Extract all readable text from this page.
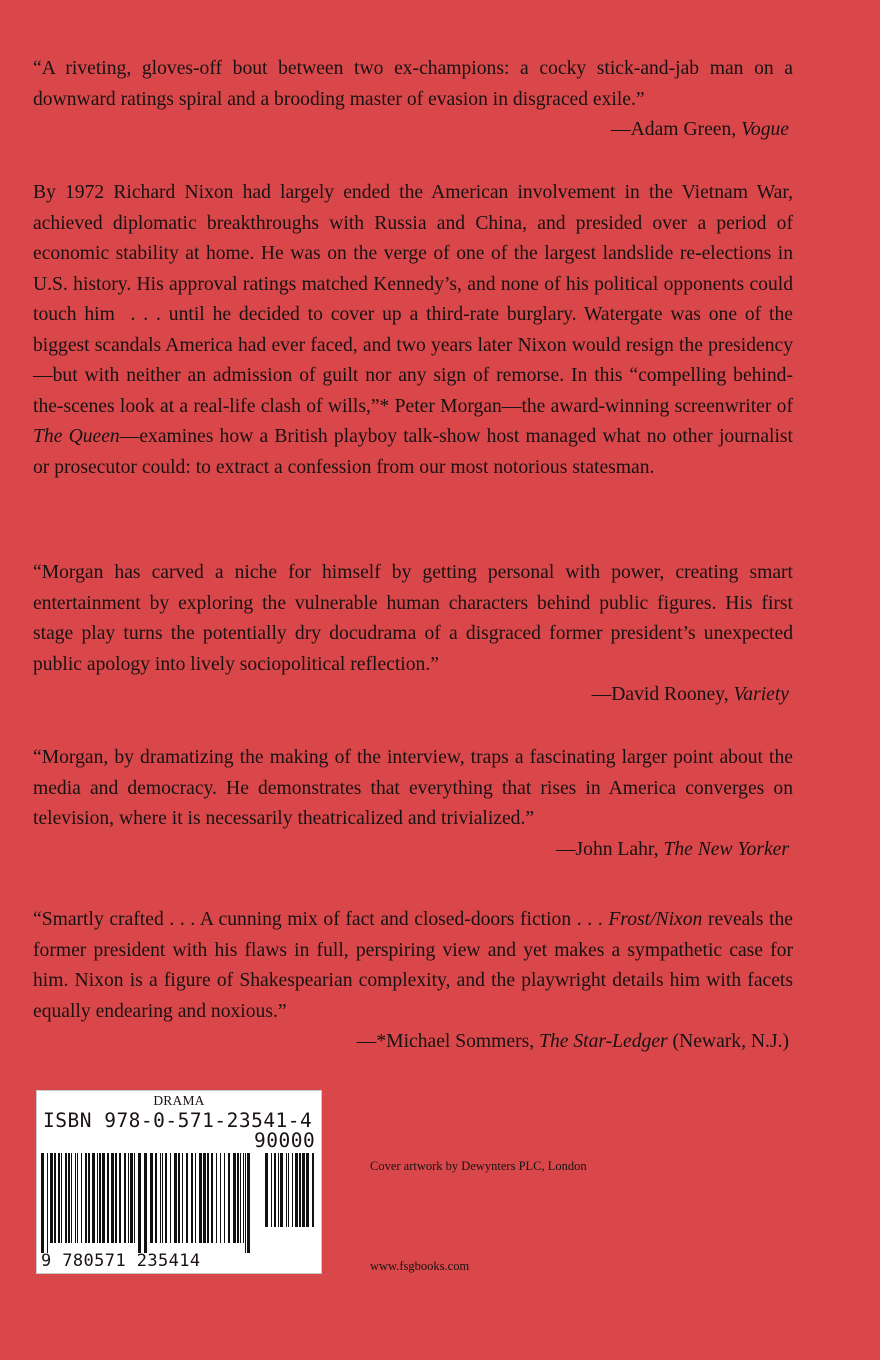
“A riveting, gloves-off bout between two ex-champions: a cocky stick-and-jab man on a downward ratings spiral and a brooding master of evasion in disgraced exile.”

—Adam Green, Vogue

By 1972 Richard Nixon had largely ended the American involvement in the Vietnam War, achieved diplomatic breakthroughs with Russia and China, and presided over a period of economic stability at home. He was on the verge of one of the largest landslide re-elections in U.S. history. His approval ratings matched Kennedy’s, and none of his political opponents could touch him  . . . until he decided to cover up a third-rate burglary. Watergate was one of the biggest scandals America had ever faced, and two years later Nixon would resign the presidency—but with neither an admission of guilt nor any sign of remorse. In this “compelling behind-the-scenes look at a real-life clash of wills,”* Peter Morgan—the award-winning screenwriter of The Queen—examines how a British playboy talk-show host managed what no other journalist or prosecutor could: to extract a confession from our most notorious statesman.

“Morgan has carved a niche for himself by getting personal with power, creating smart entertainment by exploring the vulnerable human characters behind public figures. His first stage play turns the potentially dry docudrama of a disgraced former president’s unexpected public apology into lively sociopolitical reflection.”

—David Rooney, Variety

“Morgan, by dramatizing the making of the interview, traps a fascinating larger point about the media and democracy. He demonstrates that everything that rises in America converges on television, where it is necessarily theatricalized and trivialized.”

—John Lahr, The New Yorker

“Smartly crafted . . . A cunning mix of fact and closed-doors fiction . . . Frost/Nixon reveals the former president with his flaws in full, perspiring view and yet makes a sympathetic case for him. Nixon is a figure of Shakespearian complexity, and the playwright details him with facets equally endearing and noxious.”

—*Michael Sommers, The Star-Ledger (Newark, N.J.)

DRAMA
ISBN 978-0-571-23541-4
90000
9 780571 235414
Cover artwork by Dewynters PLC, London
www.fsgbooks.com
